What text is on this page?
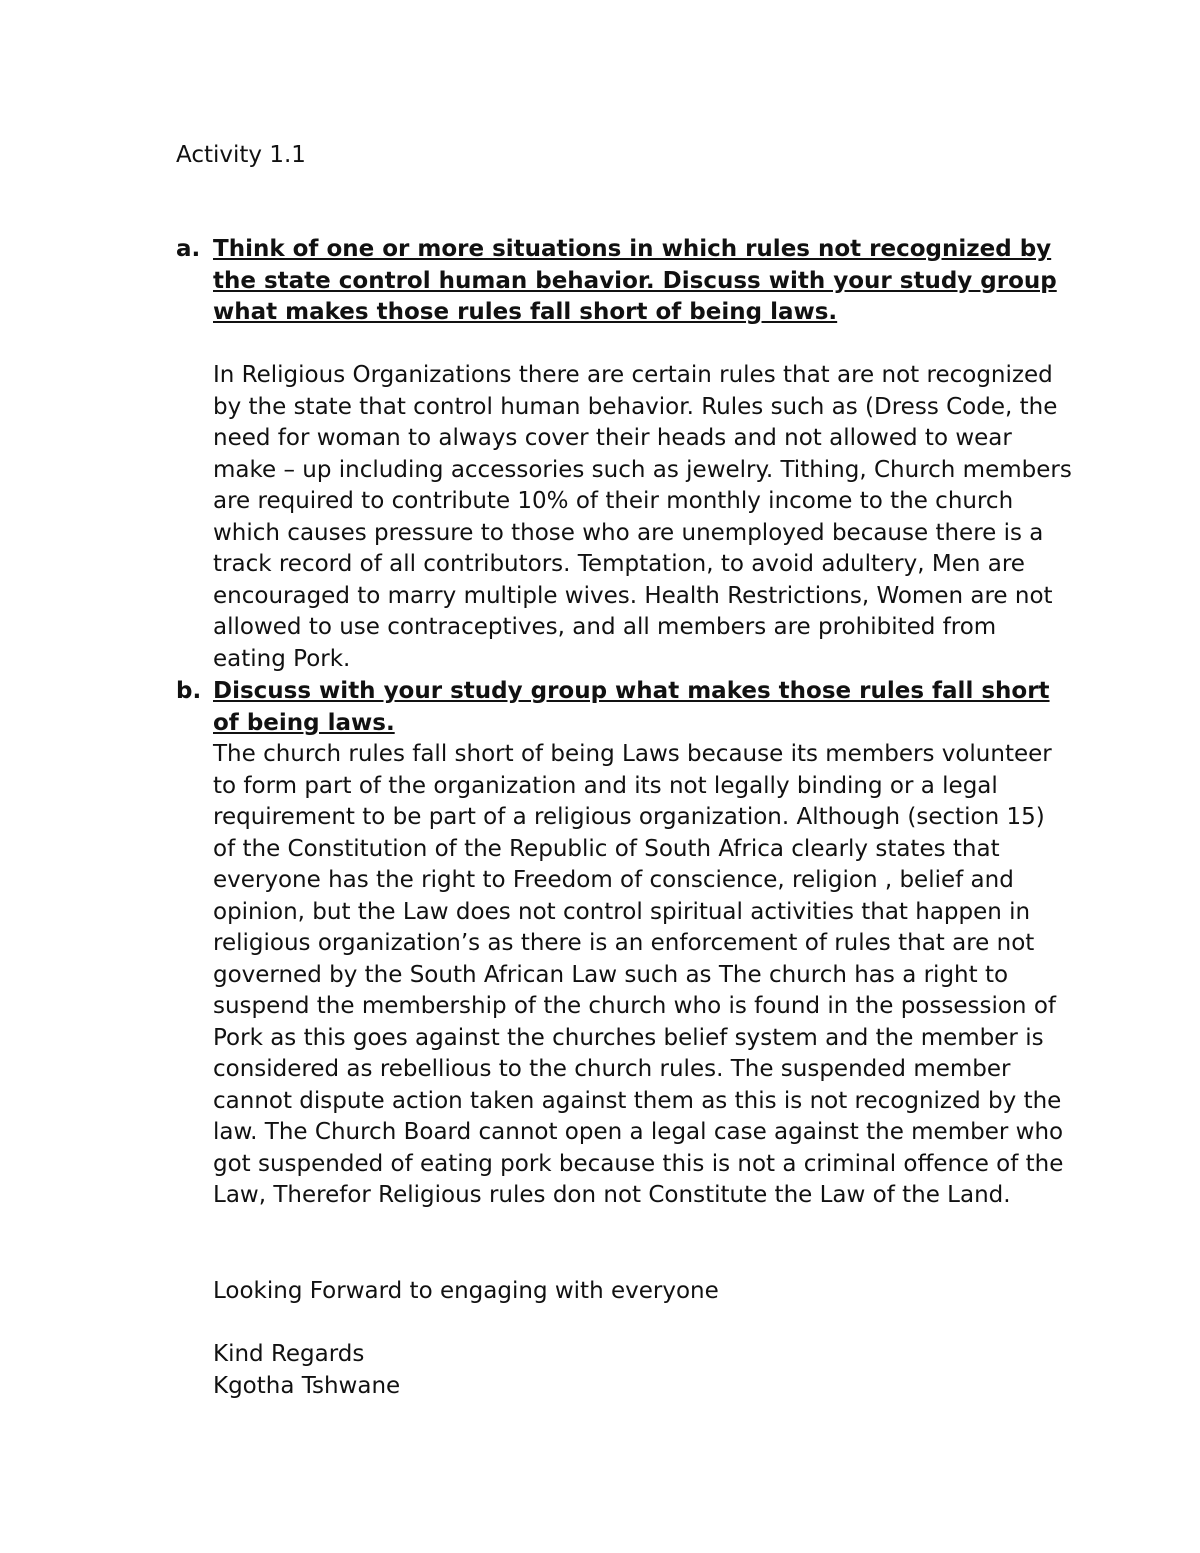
Activity 1.1
a. Think of one or more situations in which rules not recognized by the state control human behavior. Discuss with your study group what makes those rules fall short of being laws.

In Religious Organizations there are certain rules that are not recognized by the state that control human behavior. Rules such as (Dress Code, the need for woman to always cover their heads and not allowed to wear make – up including accessories such as jewelry. Tithing, Church members are required to contribute 10% of their monthly income to the church which causes pressure to those who are unemployed because there is a track record of all contributors. Temptation, to avoid adultery, Men are encouraged to marry multiple wives. Health Restrictions, Women are not allowed to use contraceptives, and all members are prohibited from eating Pork.

b. Discuss with your study group what makes those rules fall short of being laws.

The church rules fall short of being Laws because its members volunteer to form part of the organization and its not legally binding or a legal requirement to be part of a religious organization. Although (section 15) of the Constitution of the Republic of South Africa clearly states that everyone has the right to Freedom of conscience, religion , belief and opinion, but the Law does not control spiritual activities that happen in religious organization’s as there is an enforcement of rules that are not governed by the South African Law such as The church has a right to suspend the membership of the church who is found in the possession of Pork as this goes against the churches belief system and the member is considered as rebellious to the church rules. The suspended member cannot dispute action taken against them as this is not recognized by the law. The Church Board cannot open a legal case against the member who got suspended of eating pork because this is not a criminal offence of the Law, Therefor Religious rules don not Constitute the Law of the Land.

Looking Forward to engaging with everyone

Kind Regards

Kgotha Tshwane
